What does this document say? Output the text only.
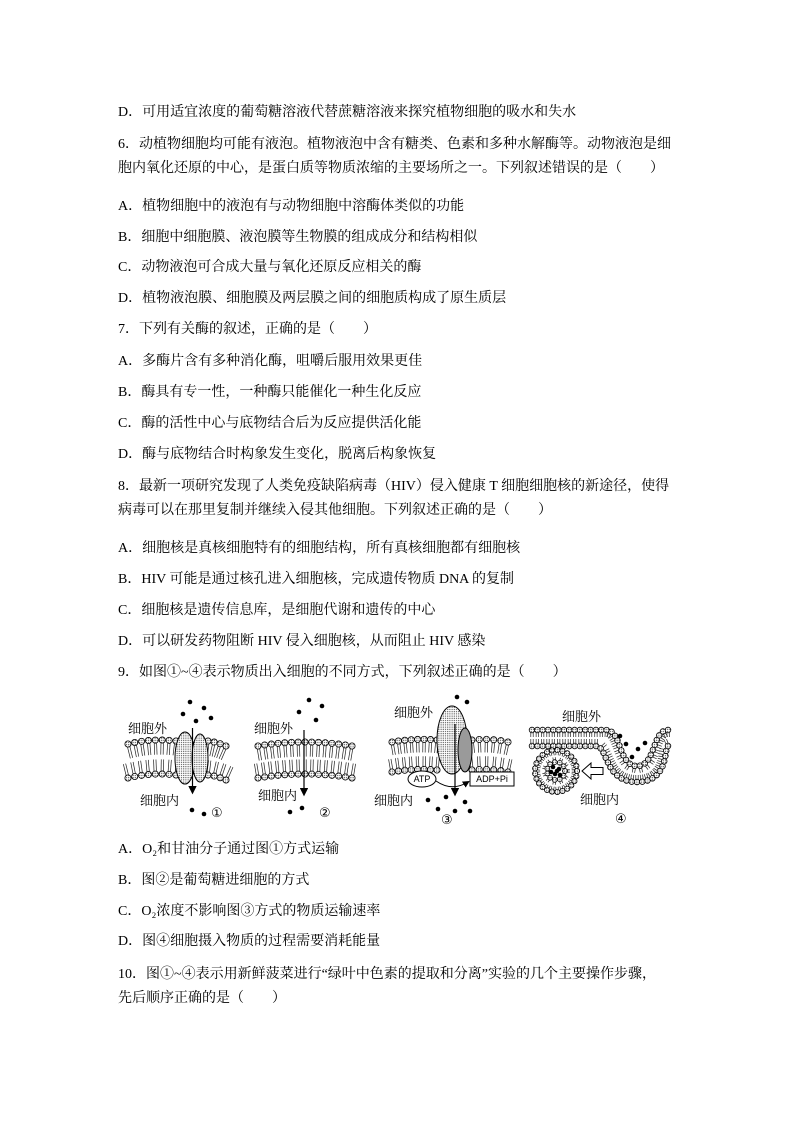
D．可用适宜浓度的葡萄糖溶液代替蔗糖溶液来探究植物细胞的吸水和失水
6．动植物细胞均可能有液泡。植物液泡中含有糖类、色素和多种水解酶等。动物液泡是细
胞内氧化还原的中心，是蛋白质等物质浓缩的主要场所之一。下列叙述错误的是（　　）
A．植物细胞中的液泡有与动物细胞中溶酶体类似的功能
B．细胞中细胞膜、液泡膜等生物膜的组成成分和结构相似
C．动物液泡可合成大量与氧化还原反应相关的酶
D．植物液泡膜、细胞膜及两层膜之间的细胞质构成了原生质层
7．下列有关酶的叙述，正确的是（　　）
A．多酶片含有多种消化酶，咀嚼后服用效果更佳
B．酶具有专一性，一种酶只能催化一种生化反应
C．酶的活性中心与底物结合后为反应提供活化能
D．酶与底物结合时构象发生变化，脱离后构象恢复
8．最新一项研究发现了人类免疫缺陷病毒（HIV）侵入健康 T 细胞细胞核的新途径，使得
病毒可以在那里复制并继续入侵其他细胞。下列叙述正确的是（　　）
A．细胞核是真核细胞特有的细胞结构，所有真核细胞都有细胞核
B．HIV 可能是通过核孔进入细胞核，完成遗传物质 DNA 的复制
C．细胞核是遗传信息库，是细胞代谢和遗传的中心
D．可以研发药物阻断 HIV 侵入细胞核，从而阻止 HIV 感染
9．如图①~④表示物质出入细胞的不同方式，下列叙述正确的是（　　）
ATP	ADP+Pi
细胞外
细胞内
①
细胞外
细胞内
②
细胞外
细胞内
③
细胞外
细胞内
④
A．O₂和甘油分子通过图①方式运输
B．图②是葡萄糖进细胞的方式
C．O₂浓度不影响图③方式的物质运输速率
D．图④细胞摄入物质的过程需要消耗能量
10．图①~④表示用新鲜菠菜进行“绿叶中色素的提取和分离”实验的几个主要操作步骤，
先后顺序正确的是（　　）
